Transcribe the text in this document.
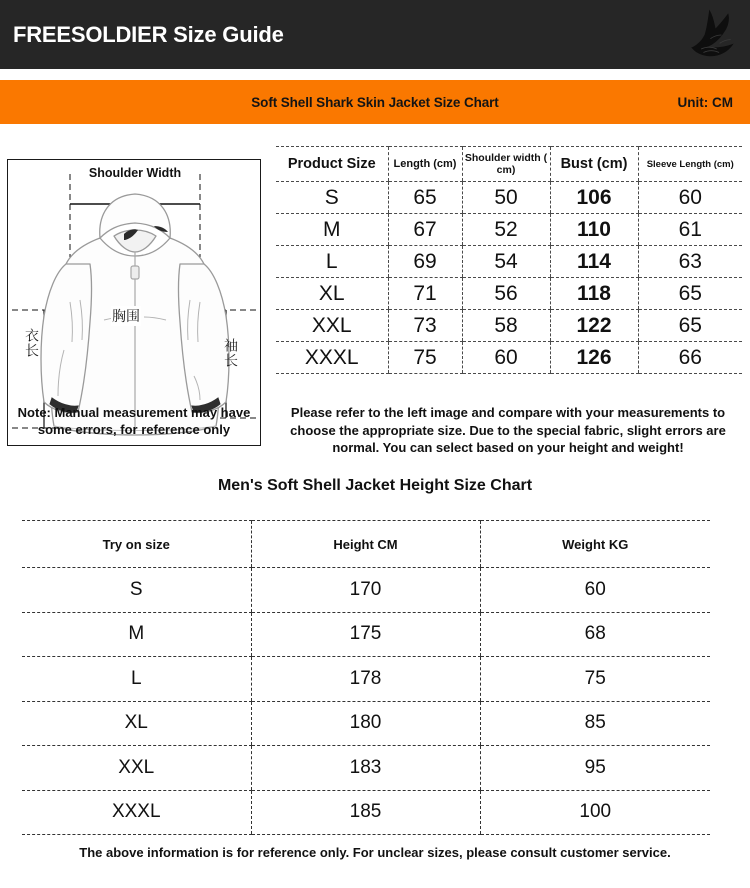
FREESOLDIER Size Guide
Soft Shell Shark Skin Jacket Size Chart	Unit: CM
Shoulder Width
衣长	袖长
胸围
Note: Manual measurement may have some errors, for reference only
Product Size	Length (cm)	Shoulder width ( cm)	Bust (cm)	Sleeve Length (cm)
S	65	50	106	60
M	67	52	110	61
L	69	54	114	63
XL	71	56	118	65
XXL	73	58	122	65
XXXL	75	60	126	66
Please refer to the left image and compare with your measurements to choose the appropriate size. Due to the special fabric, slight errors are normal. You can select based on your height and weight!
Men's Soft Shell Jacket Height Size Chart
Try on size	Height CM	Weight KG
S	170	60
M	175	68
L	178	75
XL	180	85
XXL	183	95
XXXL	185	100
The above information is for reference only. For unclear sizes, please consult customer service.
